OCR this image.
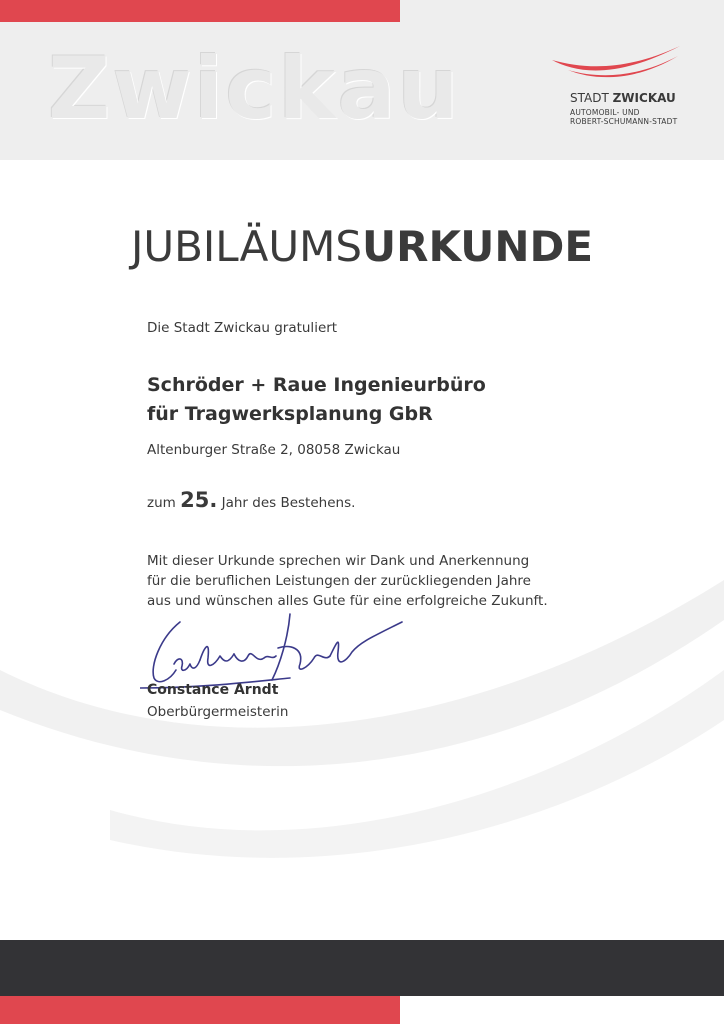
Zwickau	STADT ZWICKAU
AUTOMOBIL- UND
ROBERT-SCHUMANN-STADT
JUBILÄUMSURKUNDE
Die Stadt Zwickau gratuliert
Schröder + Raue Ingenieurbüro
für Tragwerksplanung GbR
Altenburger Straße 2, 08058 Zwickau
zum 25. Jahr des Bestehens.
Mit dieser Urkunde sprechen wir Dank und Anerkennung
für die beruflichen Leistungen der zurückliegenden Jahre
aus und wünschen alles Gute für eine erfolgreiche Zukunft.
Constance Arndt
Oberbürgermeisterin
